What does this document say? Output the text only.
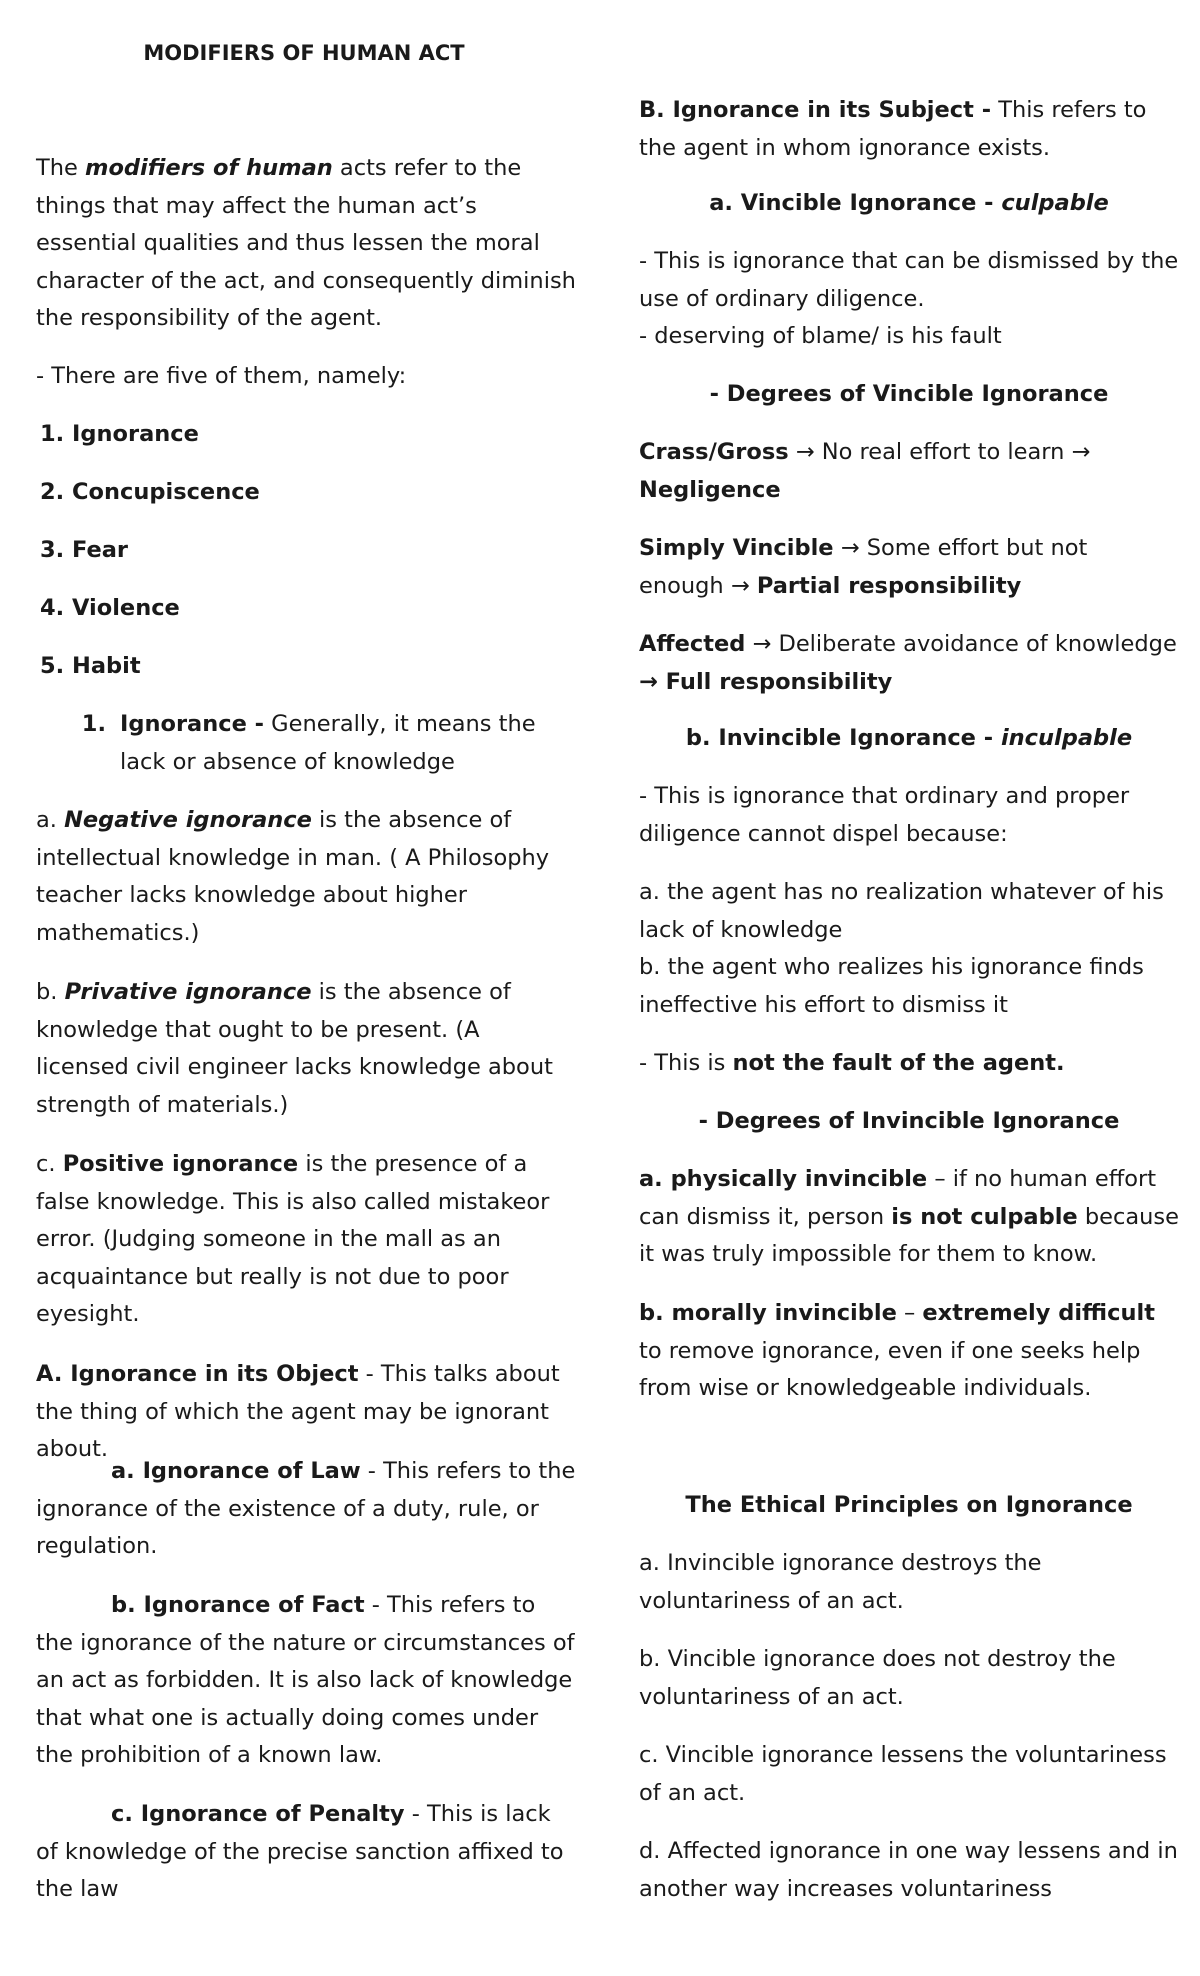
MODIFIERS OF HUMAN ACT

The modifiers of human acts refer to the things that may affect the human act’s essential qualities and thus lessen the moral character of the act, and consequently diminish the responsibility of the agent.

- There are five of them, namely:

1. Ignorance

2. Concupiscence

3. Fear

4. Violence

5. Habit

1. Ignorance - Generally, it means the lack or absence of knowledge

a. Negative ignorance is the absence of intellectual knowledge in man. ( A Philosophy teacher lacks knowledge about higher mathematics.)

b. Privative ignorance is the absence of knowledge that ought to be present. (A licensed civil engineer lacks knowledge about strength of materials.)

c. Positive ignorance is the presence of a false knowledge. This is also called mistakeor error. (Judging someone in the mall as an acquaintance but really is not due to poor eyesight.

A. Ignorance in its Object - This talks about the thing of which the agent may be ignorant about.

a. Ignorance of Law - This refers to the ignorance of the existence of a duty, rule, or regulation.

b. Ignorance of Fact - This refers to the ignorance of the nature or circumstances of an act as forbidden. It is also lack of knowledge that what one is actually doing comes under the prohibition of a known law.

c. Ignorance of Penalty - This is lack of knowledge of the precise sanction affixed to the law

B. Ignorance in its Subject - This refers to the agent in whom ignorance exists.

a. Vincible Ignorance - culpable

- This is ignorance that can be dismissed by the use of ordinary diligence.

- deserving of blame/ is his fault

- Degrees of Vincible Ignorance

Crass/Gross → No real effort to learn → Negligence

Simply Vincible → Some effort but not enough → Partial responsibility

Affected → Deliberate avoidance of knowledge → Full responsibility

b. Invincible Ignorance - inculpable

- This is ignorance that ordinary and proper diligence cannot dispel because:

a. the agent has no realization whatever of his lack of knowledge

b. the agent who realizes his ignorance finds ineffective his effort to dismiss it

- This is not the fault of the agent.

- Degrees of Invincible Ignorance

a. physically invincible – if no human effort can dismiss it, person is not culpable because it was truly impossible for them to know.

b. morally invincible – extremely difficult to remove ignorance, even if one seeks help from wise or knowledgeable individuals.

The Ethical Principles on Ignorance

a. Invincible ignorance destroys the voluntariness of an act.

b. Vincible ignorance does not destroy the voluntariness of an act.

c. Vincible ignorance lessens the voluntariness of an act.

d. Affected ignorance in one way lessens and in another way increases voluntariness
